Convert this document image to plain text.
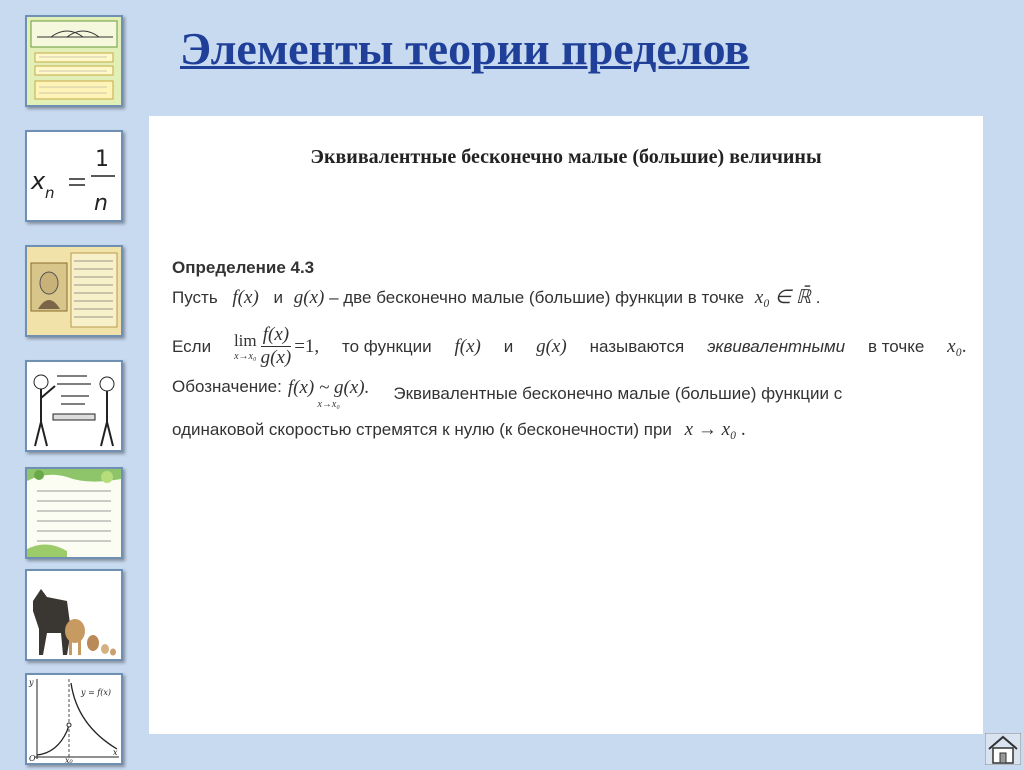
x n
1
n
y
y = f(x)
O	x₀
x
Элементы теории пределов
Эквивалентные бесконечно малые (большие) величины
Определение 4.3
Пусть f(x) и g(x) – две бесконечно малые (большие) функции в точке x₀ ∈ ℝ̄ .
Если lim
$x\to x_0 \frac{f(x)}{g(x)} =1$, то функции f(x) и g(x) называются эквивалентными в точке x₀.
Обозначение: f(x) ~ g(x).
x→x₀
Эквивалентные бесконечно малые (большие) функции с
одинаковой скоростью стремятся к нулю (к бесконечности) при x → x₀ .
